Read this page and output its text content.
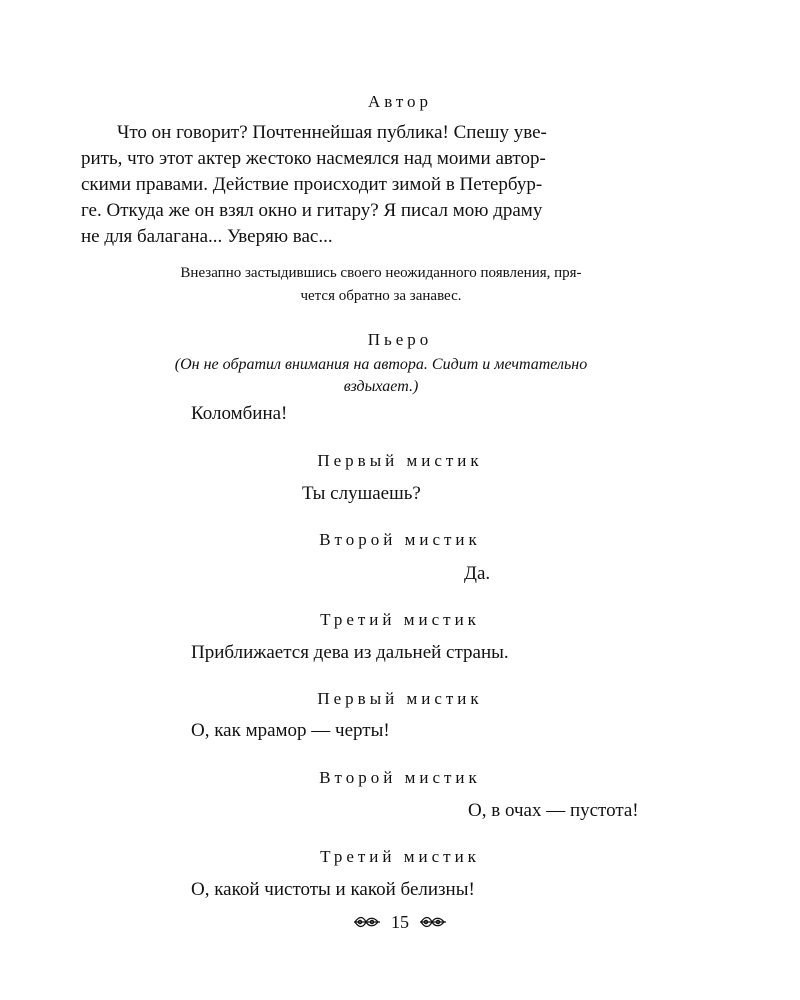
Автор
Что он говорит? Почтеннейшая публика! Спешу уве-
рить, что этот актер жестоко насмеялся над моими автор-
скими правами. Действие происходит зимой в Петербур-
ге. Откуда же он взял окно и гитару? Я писал мою драму
не для балагана... Уверяю вас...
Внезапно застыдившись своего неожиданного появления, пря-
чется обратно за занавес.
Пьеро
(Он не обратил внимания на автора. Сидит и мечтательно
вздыхает.)
Коломбина!
Первый мистик
Ты слушаешь?
Второй мистик
Да.
Третий мистик
Приближается дева из дальней страны.
Первый мистик
О, как мрамор — черты!
Второй мистик
О, в очах — пустота!
Третий мистик
О, какой чистоты и какой белизны!
15
